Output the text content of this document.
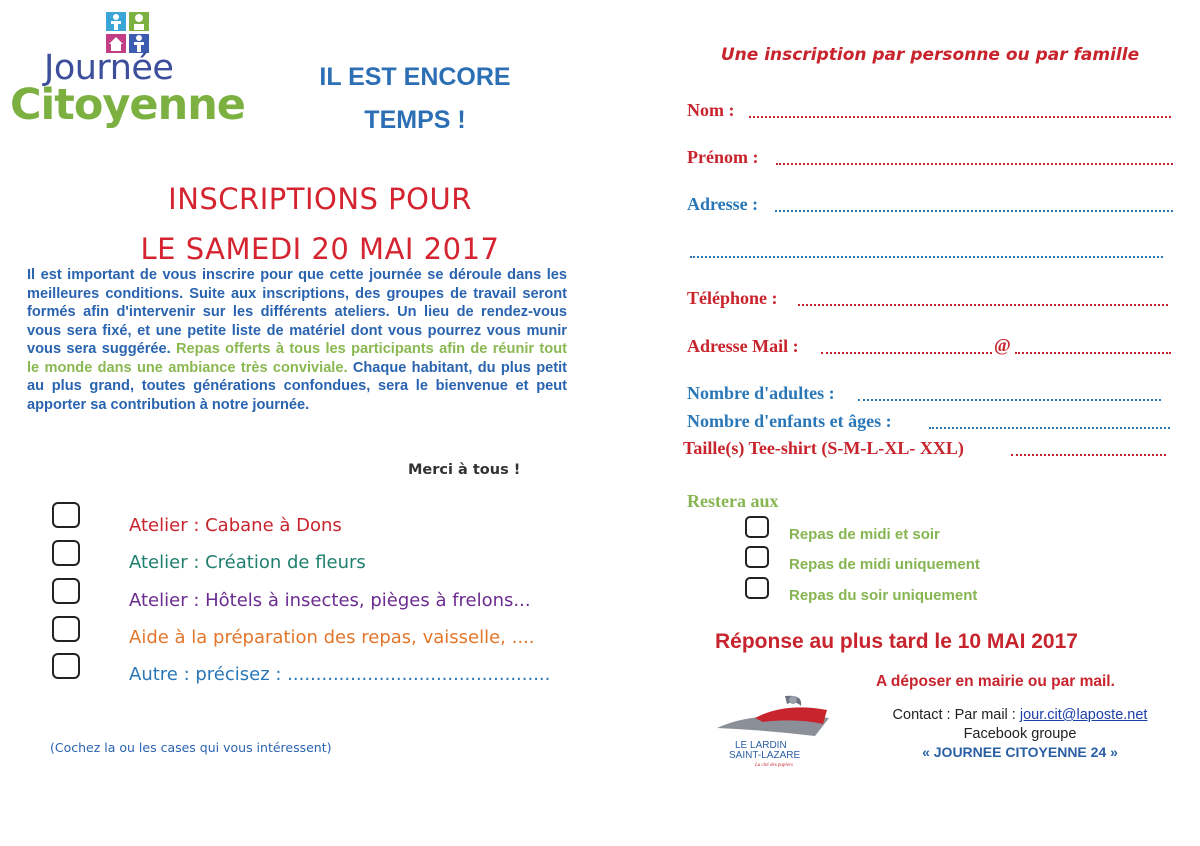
Journée
Citoyenne
IL EST ENCORE
TEMPS !
INSCRIPTIONS POUR
LE SAMEDI 20 MAI 2017
Il est important de vous inscrire pour que cette journée se déroule dans les meilleures conditions. Suite aux inscriptions, des groupes de travail seront formés afin d'intervenir sur les différents ateliers. Un lieu de rendez-vous vous sera fixé, et une petite liste de matériel dont vous pourrez vous munir vous sera suggérée. Repas offerts à tous les participants afin de réunir tout le monde dans une ambiance très conviviale. Chaque habitant, du plus petit au plus grand, toutes générations confondues, sera le bienvenue et peut apporter sa contribution à notre journée.
Merci à tous !
Atelier : Cabane à Dons
Atelier : Création de fleurs
Atelier : Hôtels à insectes, pièges à frelons...
Aide à la préparation des repas, vaisselle, ....
Autre : précisez : ..............................................
(Cochez la ou les cases qui vous intéressent)
Une inscription par personne ou par famille
Nom :
Prénom :
Adresse :
Téléphone :
Adresse Mail :	@
Nombre d'adultes :
Nombre d'enfants et âges :
Taille(s) Tee-shirt (S-M-L-XL- XXL)
Restera aux
Repas de midi et soir
Repas de midi uniquement
Repas du soir uniquement
Réponse au plus tard le 10 MAI 2017
A déposer en mairie ou par mail.
LE LARDIN
SAINT-LAZARE
La cité des papiers
Contact : Par mail : jour.cit@laposte.net
Facebook groupe
« JOURNEE CITOYENNE 24 »
